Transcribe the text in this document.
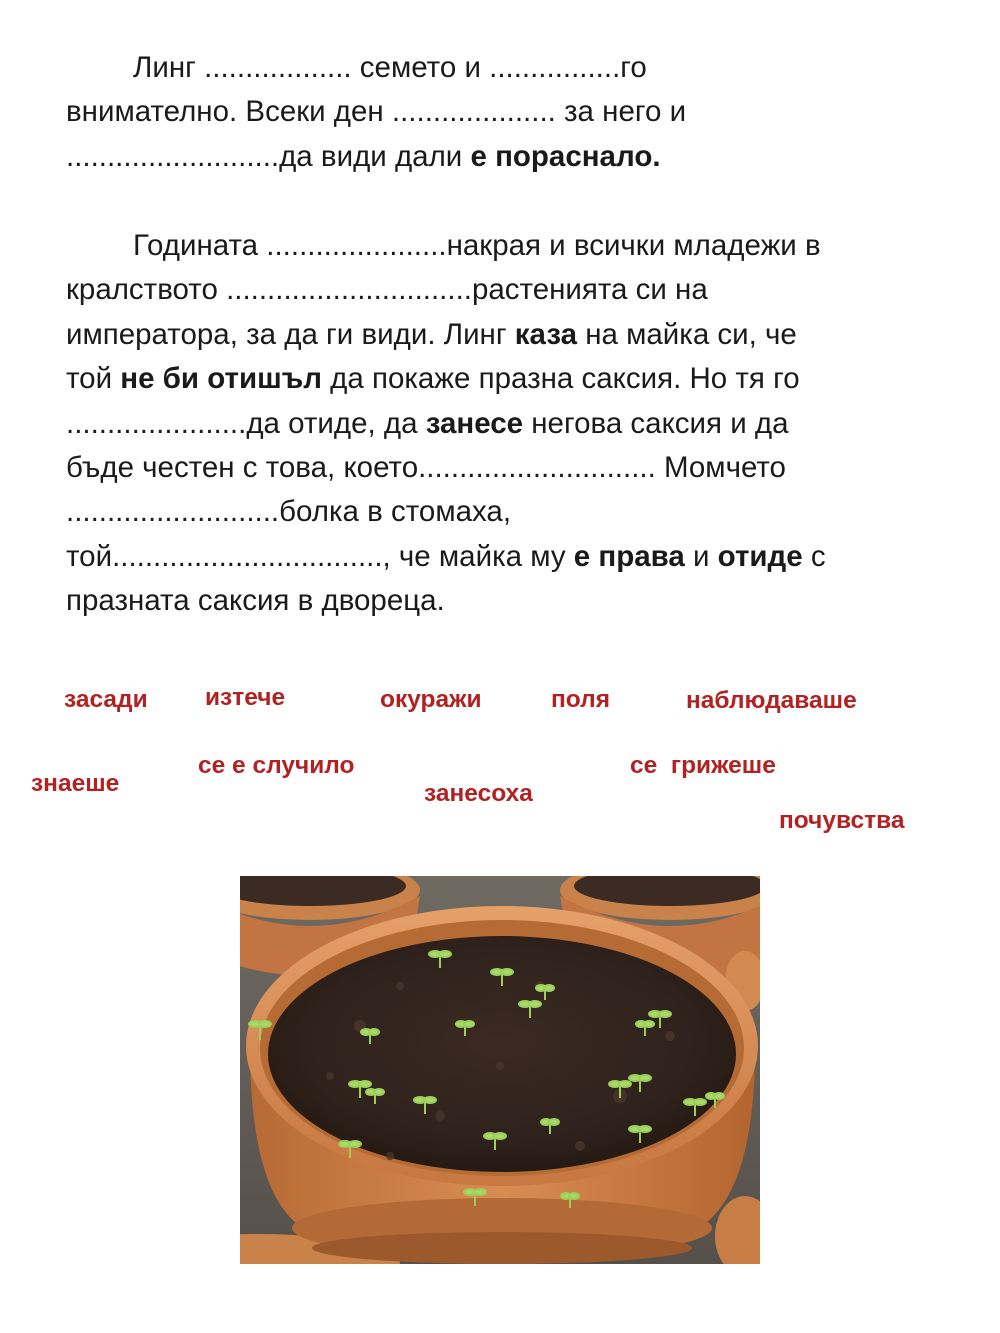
Линг .................. семето и ................го
внимателно. Всеки ден .................... за него и
..........................да види дали е пораснало.
Годината ......................накрая и всички младежи в
кралството ..............................растенията си на
императора, за да ги види. Линг каза на майка си, че
той не би отишъл да покаже празна саксия. Но тя го
......................да отиде, да занесе негова саксия и да
бъде честен с това, което............................. Момчето
..........................болка в стомаха,
той................................., че майка му е права и отиде с
празната саксия в двореца.
засади изтече	окуражи	поля	наблюдаваше
знаеше
се е случило
занесоха
се  грижеше
почувства
